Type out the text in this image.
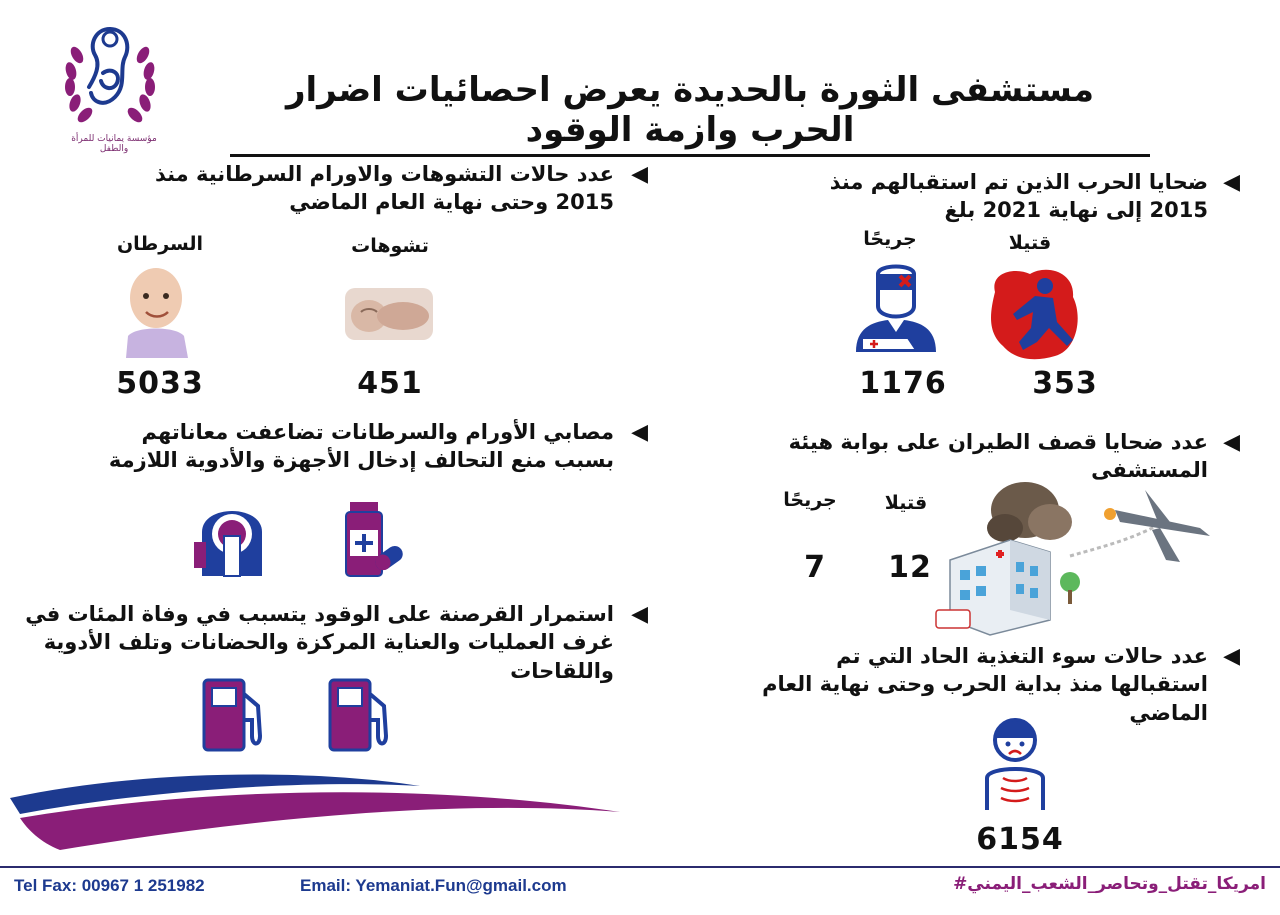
مؤسسة يمانيات للمرأة والطفل
مستشفى الثورة بالحديدة يعرض احصائيات اضرار الحرب وازمة الوقود
◀
ضحايا الحرب الذين تم استقبالهم منذ 2015 إلى نهاية 2021 بلغ
قتيلا
جريحًا
353
1176
◀
عدد ضحايا قصف الطيران على بوابة هيئة المستشفى
قتيلا
جريحًا
12
7
◀
عدد حالات سوء التغذية الحاد التي تم استقبالها منذ بداية الحرب وحتى نهاية العام الماضي
6154
◀
عدد حالات التشوهات والاورام السرطانية منذ 2015 وحتى نهاية العام الماضي
تشوهات
السرطان
451
5033
◀
مصابي الأورام والسرطانات تضاعفت معاناتهم بسبب منع التحالف إدخال الأجهزة والأدوية اللازمة
◀
استمرار القرصنة على الوقود يتسبب في وفاة المئات في غرف العمليات والعناية المركزة والحضانات وتلف الأدوية واللقاحات
Tel Fax: 00967 1 251982	Email: Yemaniat.Fun@gmail.com	امريكا_تقتل_وتحاصر_الشعب_اليمني#
